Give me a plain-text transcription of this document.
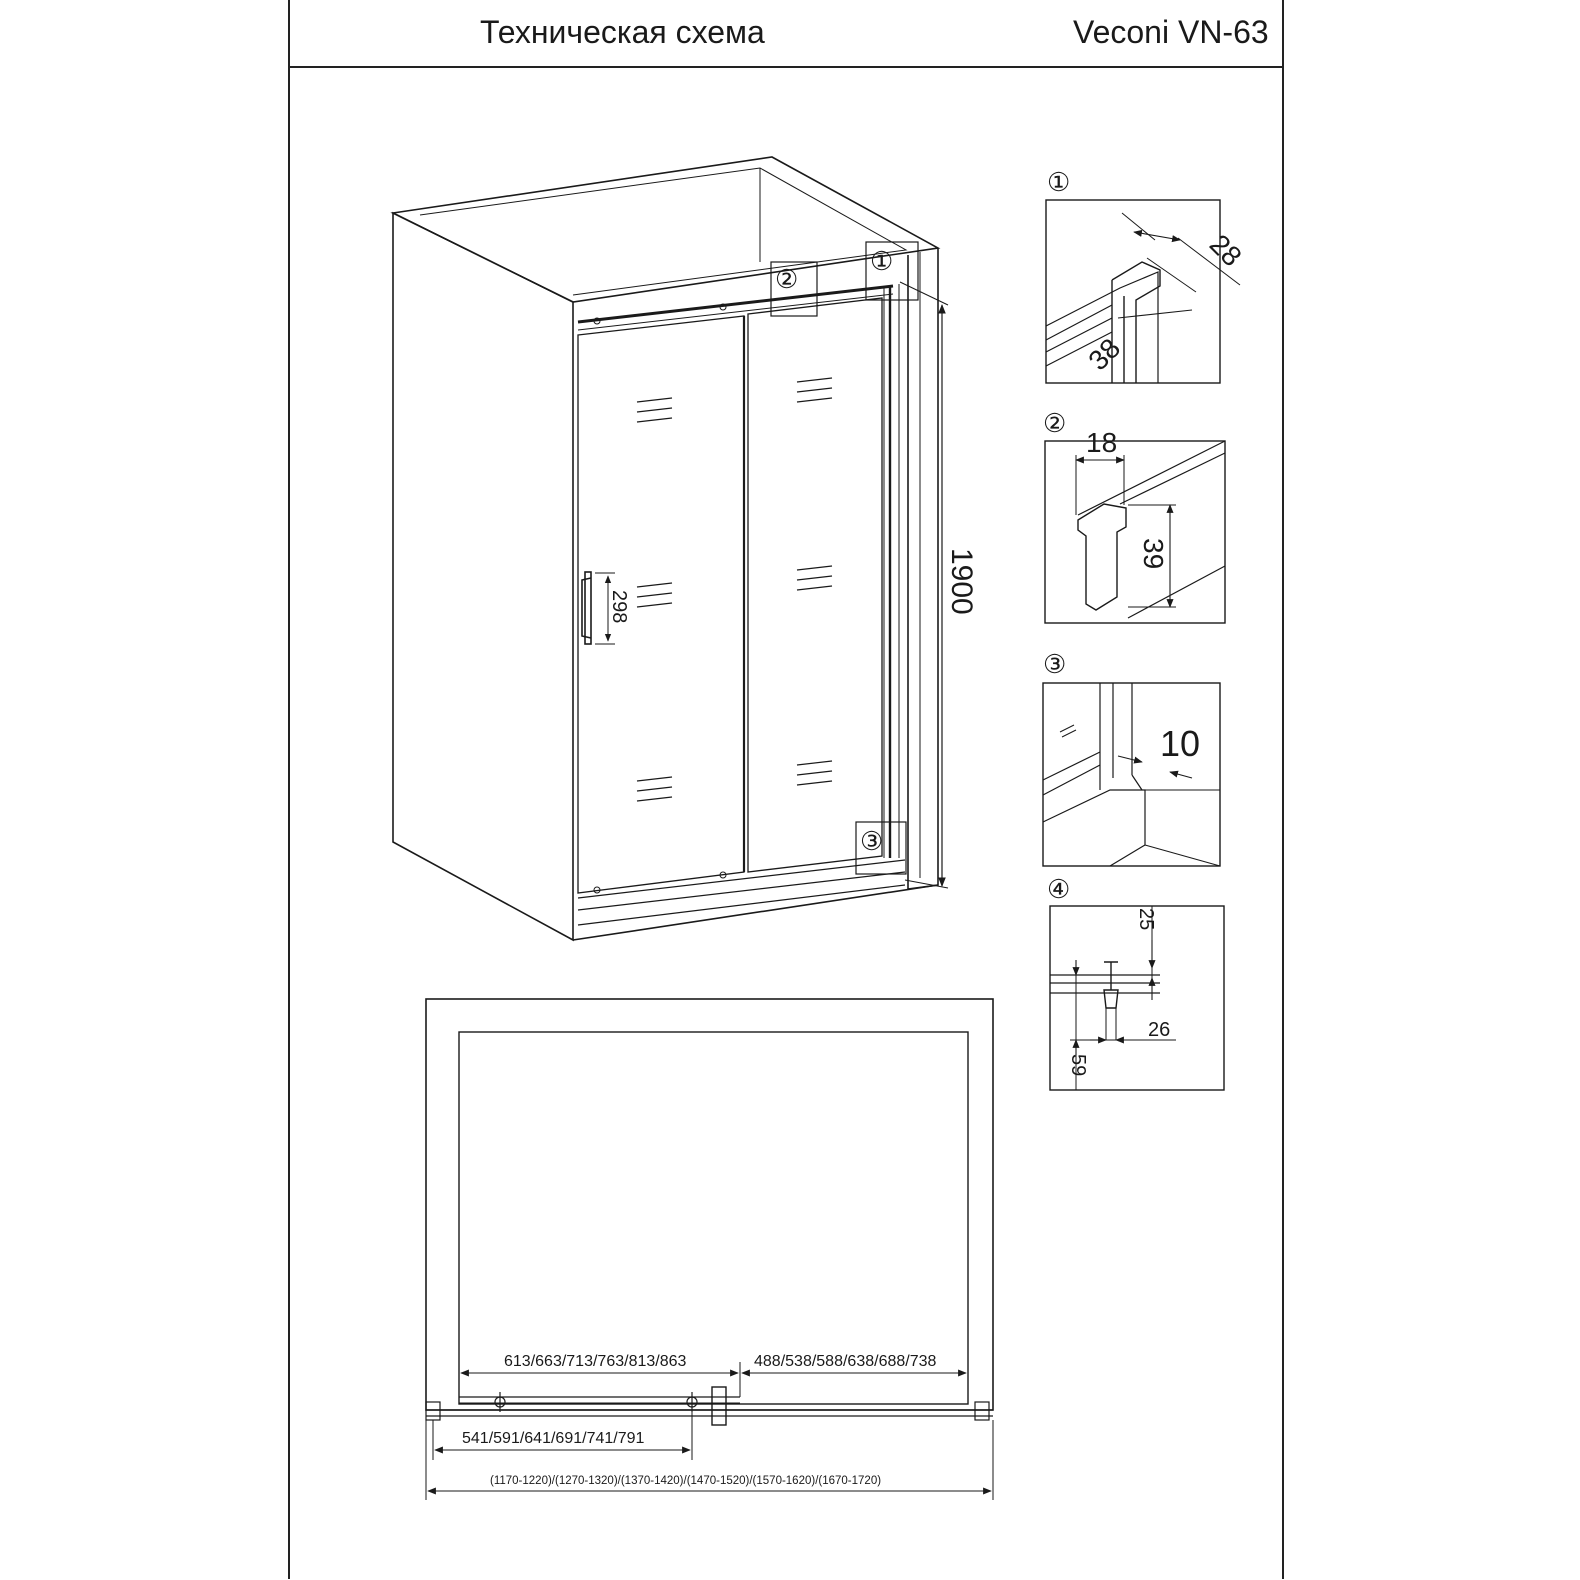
Техническая схема	Veconi VN-63
298	1900
②
①
③
①
28
38
②
18
39
③
10
④
25
26
59
613/663/713/763/813/863	488/538/588/638/688/738
541/591/641/691/741/791
(1170-1220)/(1270-1320)/(1370-1420)/(1470-1520)/(1570-1620)/(1670-1720)
